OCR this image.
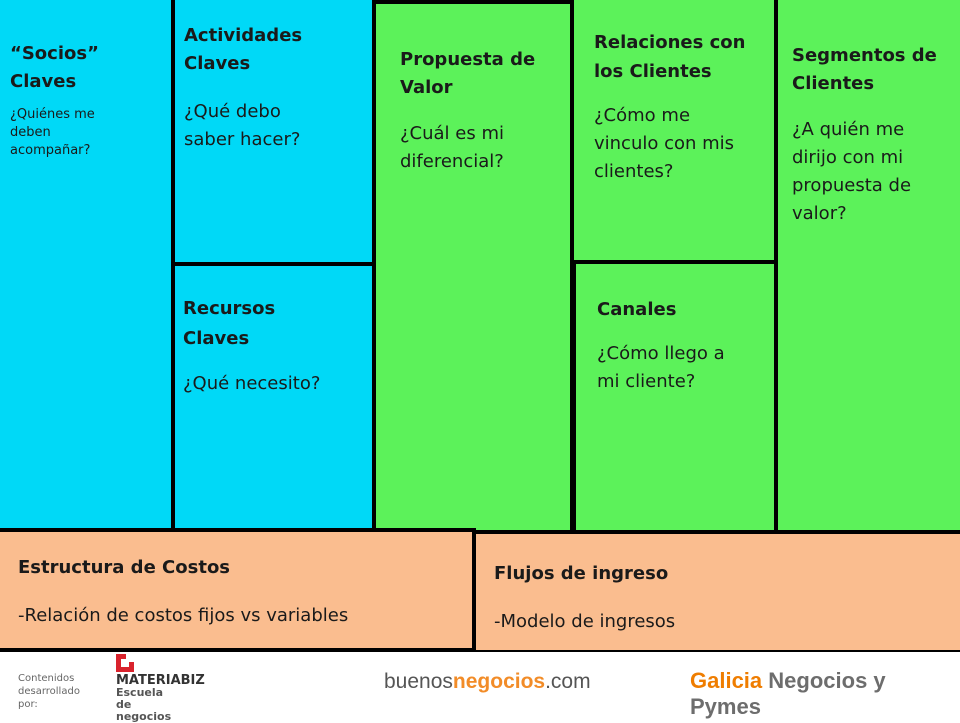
“Socios” Claves
¿Quiénes me deben acompañar?
Actividades Claves
¿Qué debo saber hacer?
Recursos Claves
¿Qué necesito?
Propuesta de Valor
¿Cuál es mi diferencial?
Relaciones con los Clientes
¿Cómo me vinculo con mis clientes?
Canales
¿Cómo llego a mi cliente?
Segmentos de Clientes
¿A quién me dirijo con mi propuesta de valor?
Estructura de Costos
-Relación de costos fijos vs variables
Flujos de ingreso
-Modelo de ingresos
Contenidos desarrollado por:
MATERIABIZ
Escuela de negocios
buenosnegocios.com	Galicia Negocios y Pymes
